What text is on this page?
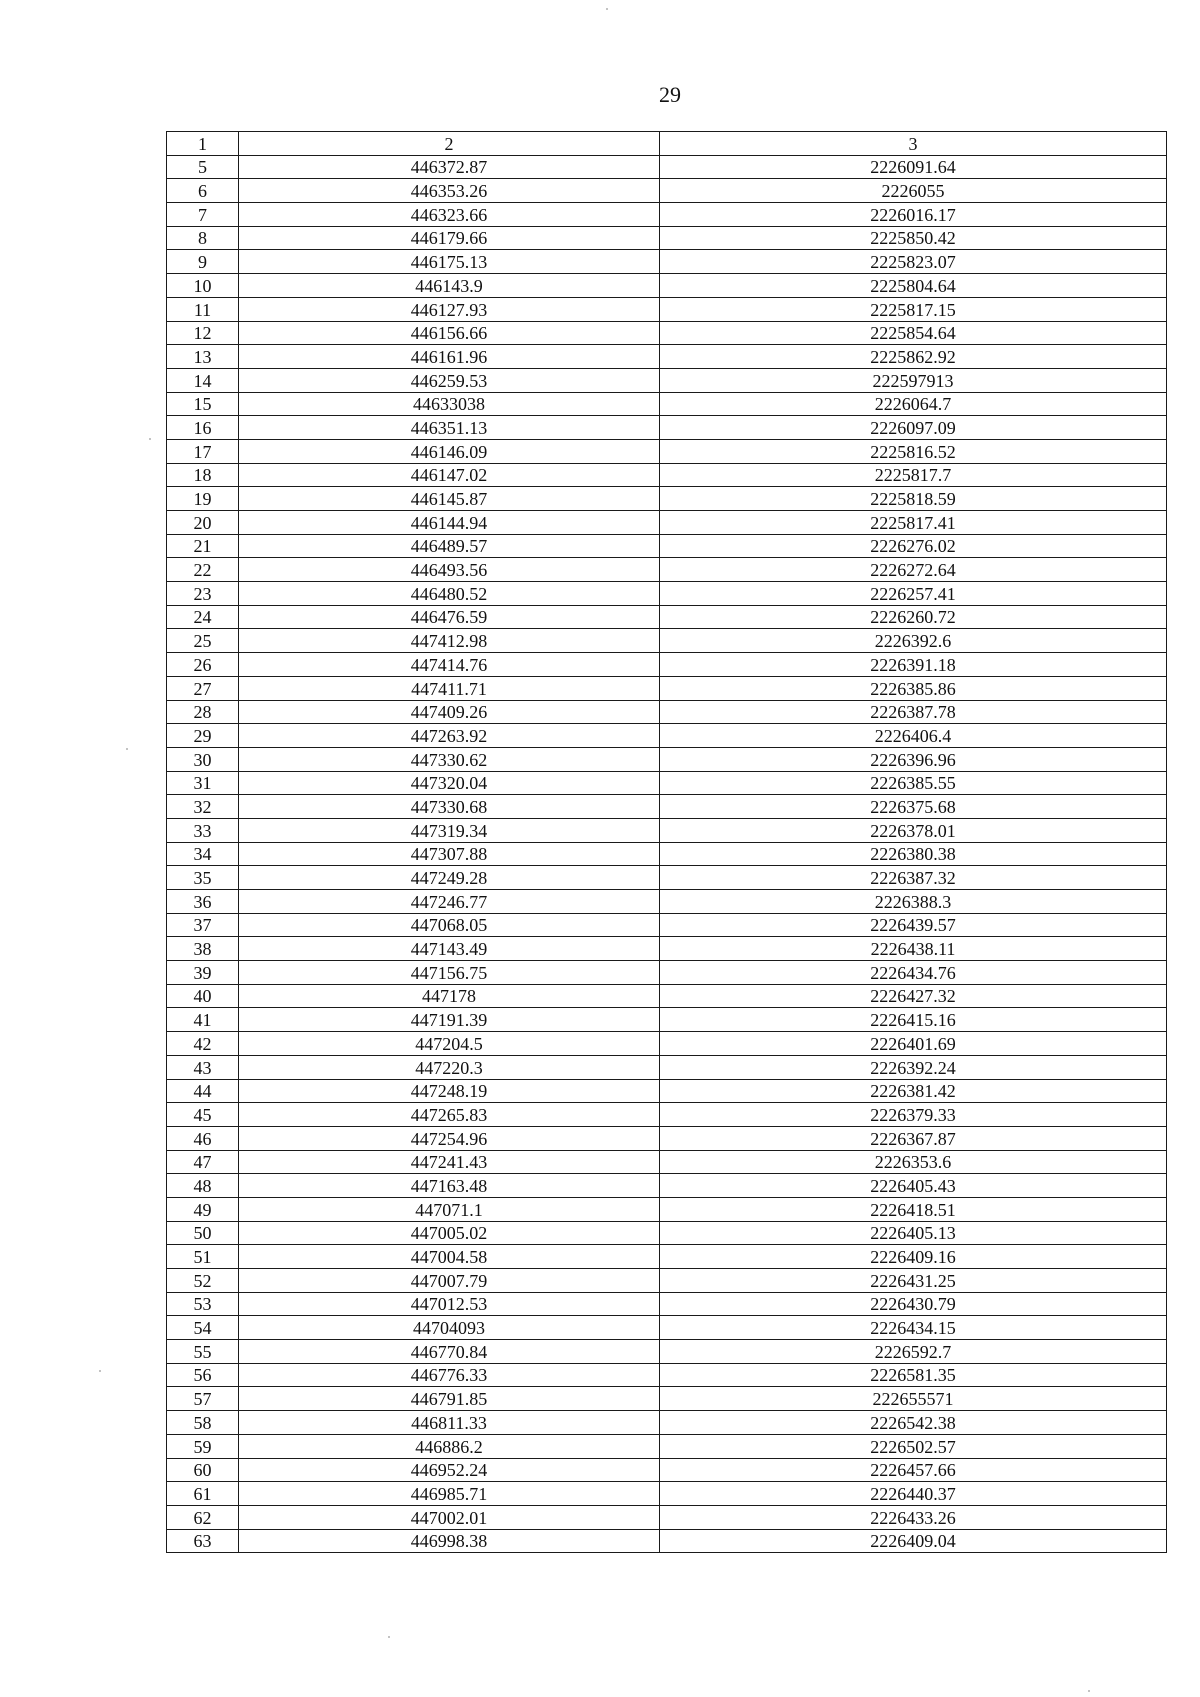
29
1	2	3
5	446372.87	2226091.64
6	446353.26	2226055
7	446323.66	2226016.17
8	446179.66	2225850.42
9	446175.13	2225823.07
10	446143.9	2225804.64
11	446127.93	2225817.15
12	446156.66	2225854.64
13	446161.96	2225862.92
14	446259.53	222597913
15	44633038	2226064.7
16	446351.13	2226097.09
17	446146.09	2225816.52
18	446147.02	2225817.7
19	446145.87	2225818.59
20	446144.94	2225817.41
21	446489.57	2226276.02
22	446493.56	2226272.64
23	446480.52	2226257.41
24	446476.59	2226260.72
25	447412.98	2226392.6
26	447414.76	2226391.18
27	447411.71	2226385.86
28	447409.26	2226387.78
29	447263.92	2226406.4
30	447330.62	2226396.96
31	447320.04	2226385.55
32	447330.68	2226375.68
33	447319.34	2226378.01
34	447307.88	2226380.38
35	447249.28	2226387.32
36	447246.77	2226388.3
37	447068.05	2226439.57
38	447143.49	2226438.11
39	447156.75	2226434.76
40	447178	2226427.32
41	447191.39	2226415.16
42	447204.5	2226401.69
43	447220.3	2226392.24
44	447248.19	2226381.42
45	447265.83	2226379.33
46	447254.96	2226367.87
47	447241.43	2226353.6
48	447163.48	2226405.43
49	447071.1	2226418.51
50	447005.02	2226405.13
51	447004.58	2226409.16
52	447007.79	2226431.25
53	447012.53	2226430.79
54	44704093	2226434.15
55	446770.84	2226592.7
56	446776.33	2226581.35
57	446791.85	222655571
58	446811.33	2226542.38
59	446886.2	2226502.57
60	446952.24	2226457.66
61	446985.71	2226440.37
62	447002.01	2226433.26
63	446998.38	2226409.04
